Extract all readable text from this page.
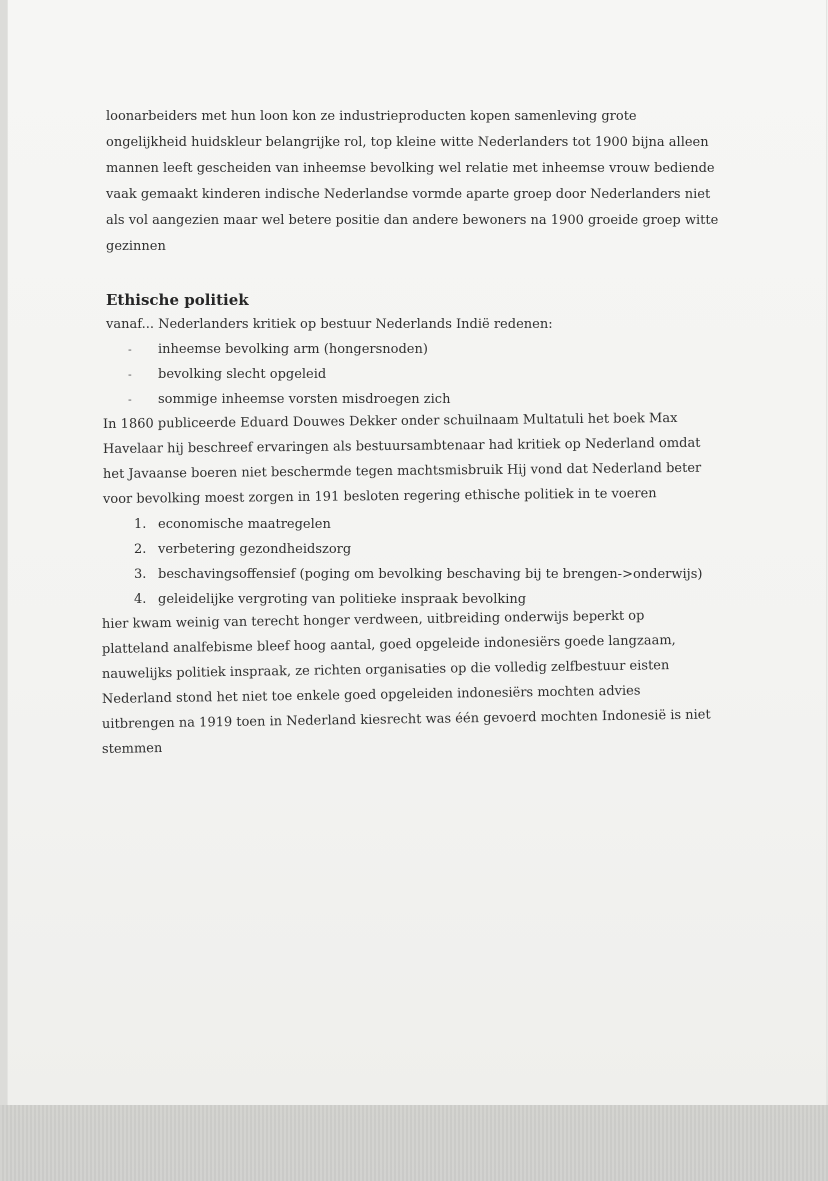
loonarbeiders met hun loon kon ze industrieproducten kopen samenleving grote

ongelijkheid huidskleur belangrijke rol, top kleine witte Nederlanders tot 1900 bijna alleen

mannen leeft gescheiden van inheemse bevolking wel relatie met inheemse vrouw bediende

vaak gemaakt kinderen indische Nederlandse vormde aparte groep door Nederlanders niet

als vol aangezien maar wel betere positie dan andere bewoners na 1900 groeide groep witte

gezinnen

Ethische politiek

vanaf... Nederlanders kritiek op bestuur Nederlands Indië redenen:

- inheemse bevolking arm (hongersnoden)
- bevolking slecht opgeleid
- sommige inheemse vorsten misdroegen zich

In 1860 publiceerde Eduard Douwes Dekker onder schuilnaam Multatuli het boek Max

Havelaar hij beschreef ervaringen als bestuursambtenaar had kritiek op Nederland omdat

het Javaanse boeren niet beschermde tegen machtsmisbruik Hij vond dat Nederland beter

voor bevolking moest zorgen in 191 besloten regering ethische politiek in te voeren

1. economische maatregelen
2. verbetering gezondheidszorg
3. beschavingsoffensief (poging om bevolking beschaving bij te brengen->onderwijs)
4. geleidelijke vergroting van politieke inspraak bevolking

hier kwam weinig van terecht honger verdween, uitbreiding onderwijs beperkt op

platteland analfebisme bleef hoog aantal, goed opgeleide indonesiërs goede langzaam,

nauwelijks politiek inspraak, ze richten organisaties op die volledig zelfbestuur eisten

Nederland stond het niet toe enkele goed opgeleiden indonesiërs mochten advies

uitbrengen na 1919 toen in Nederland kiesrecht was één gevoerd mochten Indonesië is niet

stemmen
